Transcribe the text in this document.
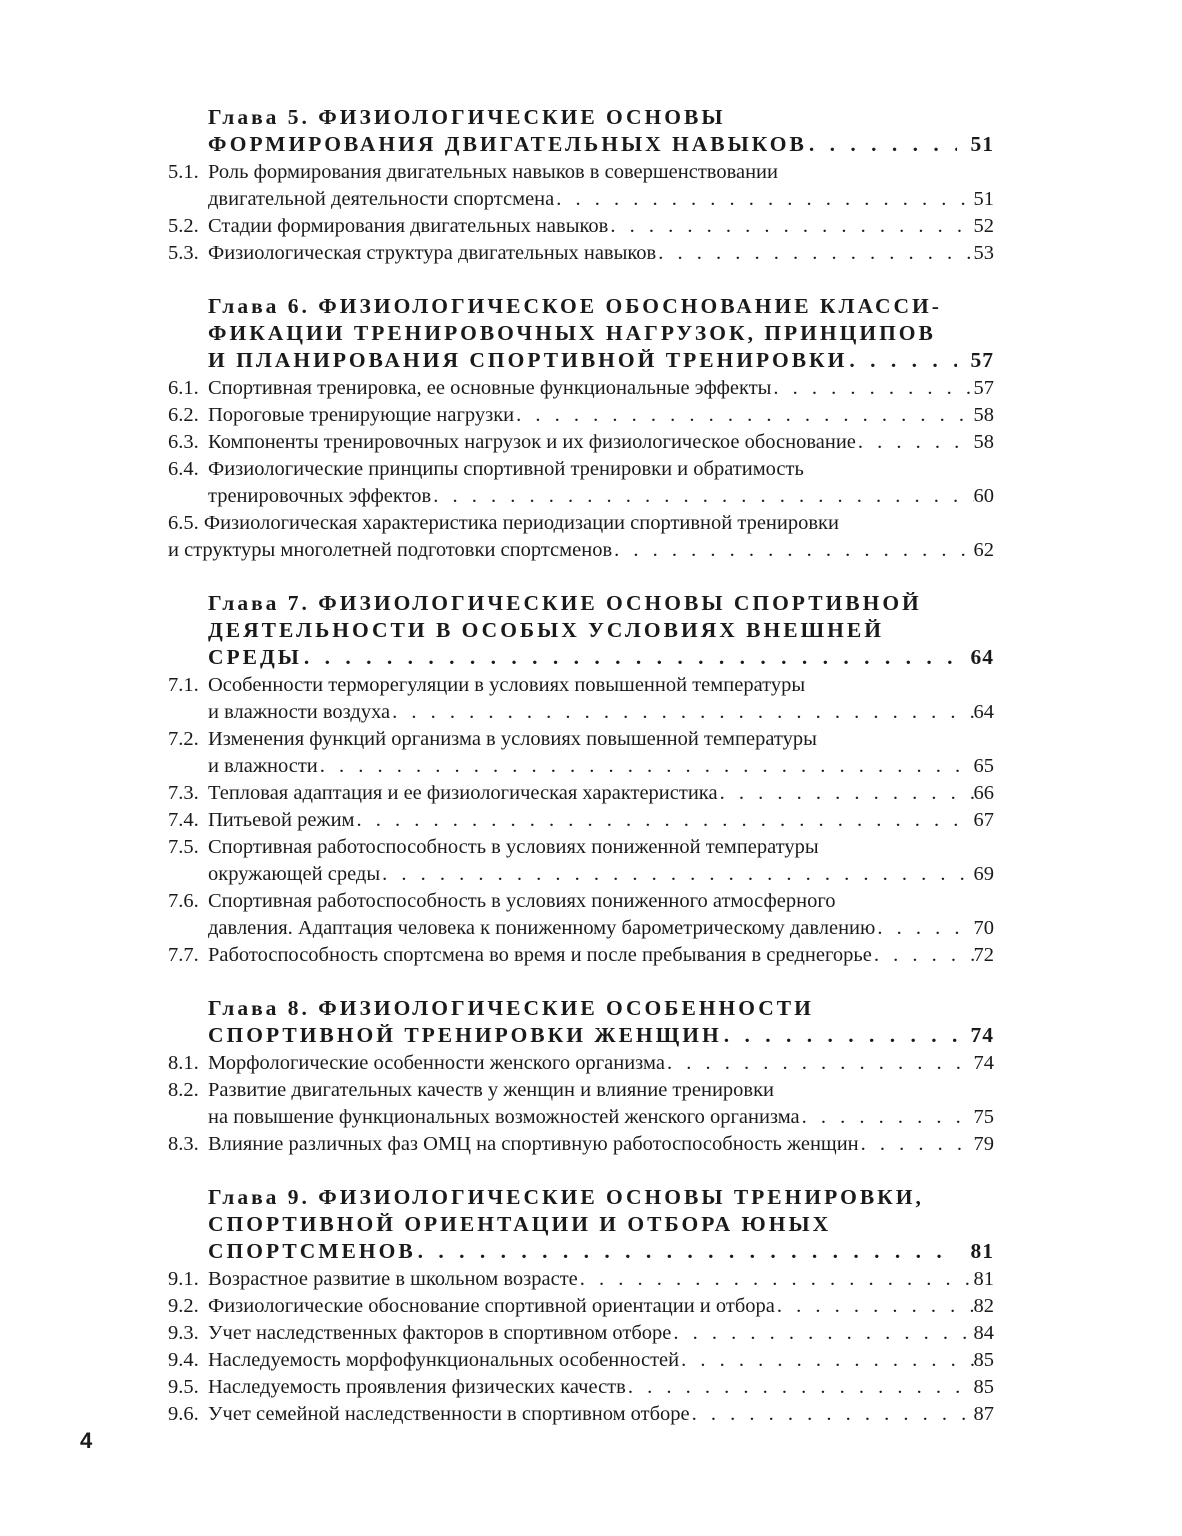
Глава 5. ФИЗИОЛОГИЧЕСКИЕ ОСНОВЫ
ФОРМИРОВАНИЯ ДВИГАТЕЛЬНЫХ НАВЫКОВ . . .	51
5.1. Роль формирования двигательных навыков в совершенствовании
двигательной деятельности спортсмена . . .	51
5.2. Стадии формирования двигательных навыков . . .	52
5.3. Физиологическая структура двигательных навыков . . .	53
Глава 6. ФИЗИОЛОГИЧЕСКОЕ ОБОСНОВАНИЕ КЛАССИ-
ФИКАЦИИ ТРЕНИРОВОЧНЫХ НАГРУЗОК, ПРИНЦИПОВ
И ПЛАНИРОВАНИЯ СПОРТИВНОЙ ТРЕНИРОВКИ . . .	57
6.1. Спортивная тренировка, ее основные функциональные эффекты . . .	57
6.2. Пороговые тренирующие нагрузки . . .	58
6.3. Компоненты тренировочных нагрузок и их физиологическое обоснование . . .	58
6.4. Физиологические принципы спортивной тренировки и обратимость
тренировочных эффектов . . .	60
6.5. Физиологическая характеристика периодизации спортивной тренировки
и структуры многолетней подготовки спортсменов . . .	62
Глава 7. ФИЗИОЛОГИЧЕСКИЕ ОСНОВЫ СПОРТИВНОЙ
ДЕЯТЕЛЬНОСТИ В ОСОБЫХ УСЛОВИЯХ ВНЕШНЕЙ
СРЕДЫ . . .	64
7.1. Особенности терморегуляции в условиях повышенной температуры
и влажности воздуха . . .	64
7.2. Изменения функций организма в условиях повышенной температуры
и влажности . . .	65
7.3. Тепловая адаптация и ее физиологическая характеристика . . .	66
7.4. Питьевой режим . . .	67
7.5. Спортивная работоспособность в условиях пониженной температуры
окружающей среды . . .	69
7.6. Спортивная работоспособность в условиях пониженного атмосферного
давления. Адаптация человека к пониженному барометрическому давлению . . .	70
7.7. Работоспособность спортсмена во время и после пребывания в среднегорье . . .	72
Глава 8. ФИЗИОЛОГИЧЕСКИЕ ОСОБЕННОСТИ
СПОРТИВНОЙ ТРЕНИРОВКИ ЖЕНЩИН . . .	74
8.1. Морфологические особенности женского организма . . .	74
8.2. Развитие двигательных качеств у женщин и влияние тренировки
на повышение функциональных возможностей женского организма . . .	75
8.3. Влияние различных фаз ОМЦ на спортивную работоспособность женщин . . .	79
Глава 9. ФИЗИОЛОГИЧЕСКИЕ ОСНОВЫ ТРЕНИРОВКИ,
СПОРТИВНОЙ ОРИЕНТАЦИИ И ОТБОРА ЮНЫХ
СПОРТСМЕНОВ . . .	81
9.1. Возрастное развитие в школьном возрасте . . .	81
9.2. Физиологические обоснование спортивной ориентации и отбора . . .	82
9.3. Учет наследственных факторов в спортивном отборе . . .	84
9.4. Наследуемость морфофункциональных особенностей . . .	85
9.5. Наследуемость проявления физических качеств . . .	85
9.6. Учет семейной наследственности в спортивном отборе . . .	87
4
